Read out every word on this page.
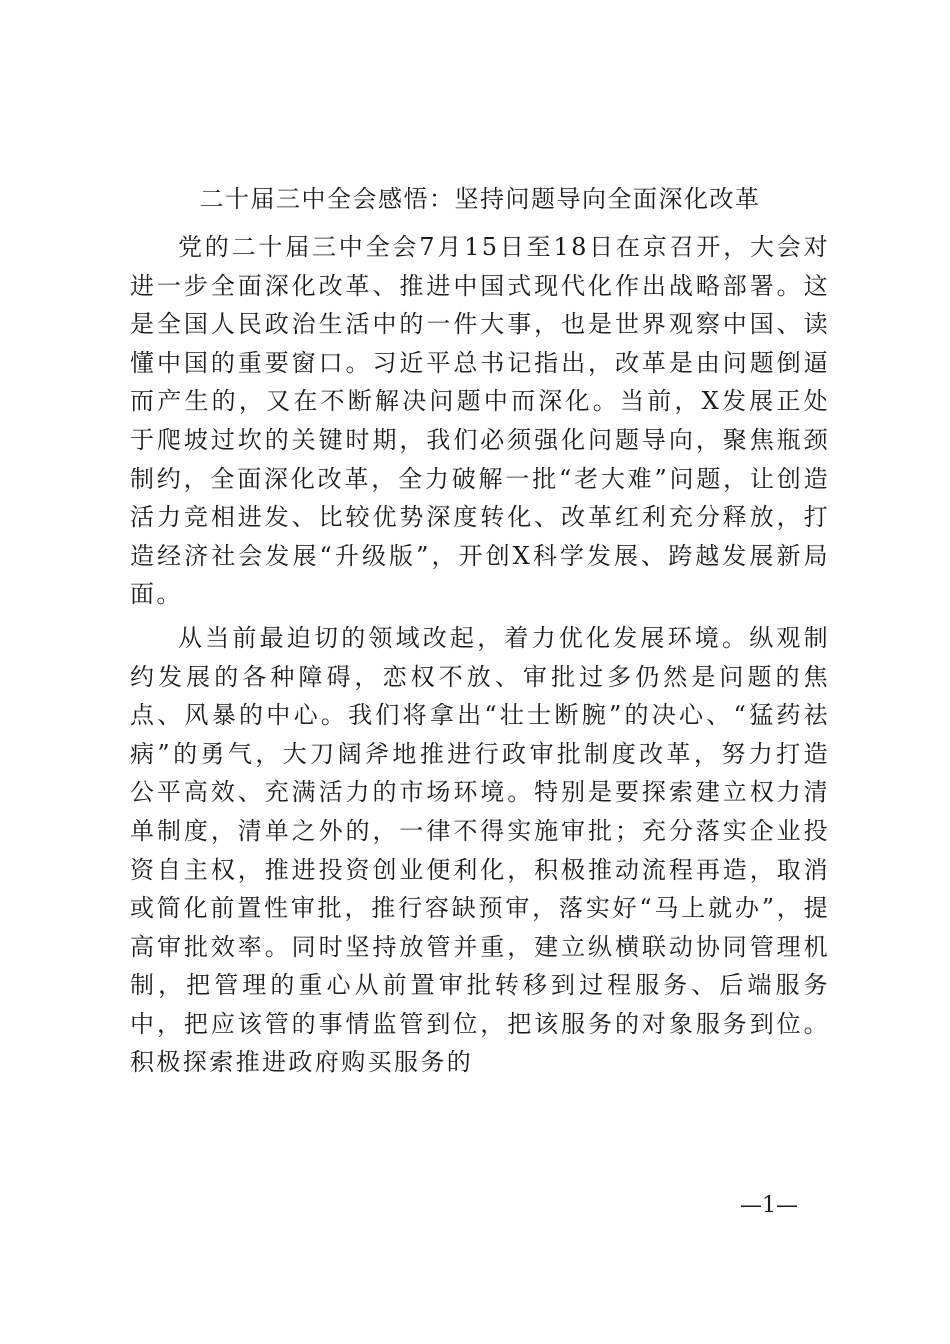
二十届三中全会感悟：坚持问题导向全面深化改革

党的二十届三中全会7月15日至18日在京召开，大会对进一步全面深化改革、推进中国式现代化作出战略部署。这是全国人民政治生活中的一件大事，也是世界观察中国、读懂中国的重要窗口。习近平总书记指出，改革是由问题倒逼而产生的，又在不断解决问题中而深化。当前，X发展正处于爬坡过坎的关键时期，我们必须强化问题导向，聚焦瓶颈制约，全面深化改革，全力破解一批“老大难”问题，让创造活力竞相进发、比较优势深度转化、改革红利充分释放，打造经济社会发展“升级版”，开创X科学发展、跨越发展新局面。

从当前最迫切的领域改起，着力优化发展环境。纵观制约发展的各种障碍，恋权不放、审批过多仍然是问题的焦点、风暴的中心。我们将拿出“壮士断腕”的决心、“猛药祛病”的勇气，大刀阔斧地推进行政审批制度改革，努力打造公平高效、充满活力的市场环境。特别是要探索建立权力清单制度，清单之外的，一律不得实施审批；充分落实企业投资自主权，推进投资创业便利化，积极推动流程再造，取消或简化前置性审批，推行容缺预审，落实好“马上就办”，提高审批效率。同时坚持放管并重，建立纵横联动协同管理机制，把管理的重心从前置审批转移到过程服务、后端服务中，把应该管的事情监管到位，把该服务的对象服务到位。积极探索推进政府购买服务的

—1—
